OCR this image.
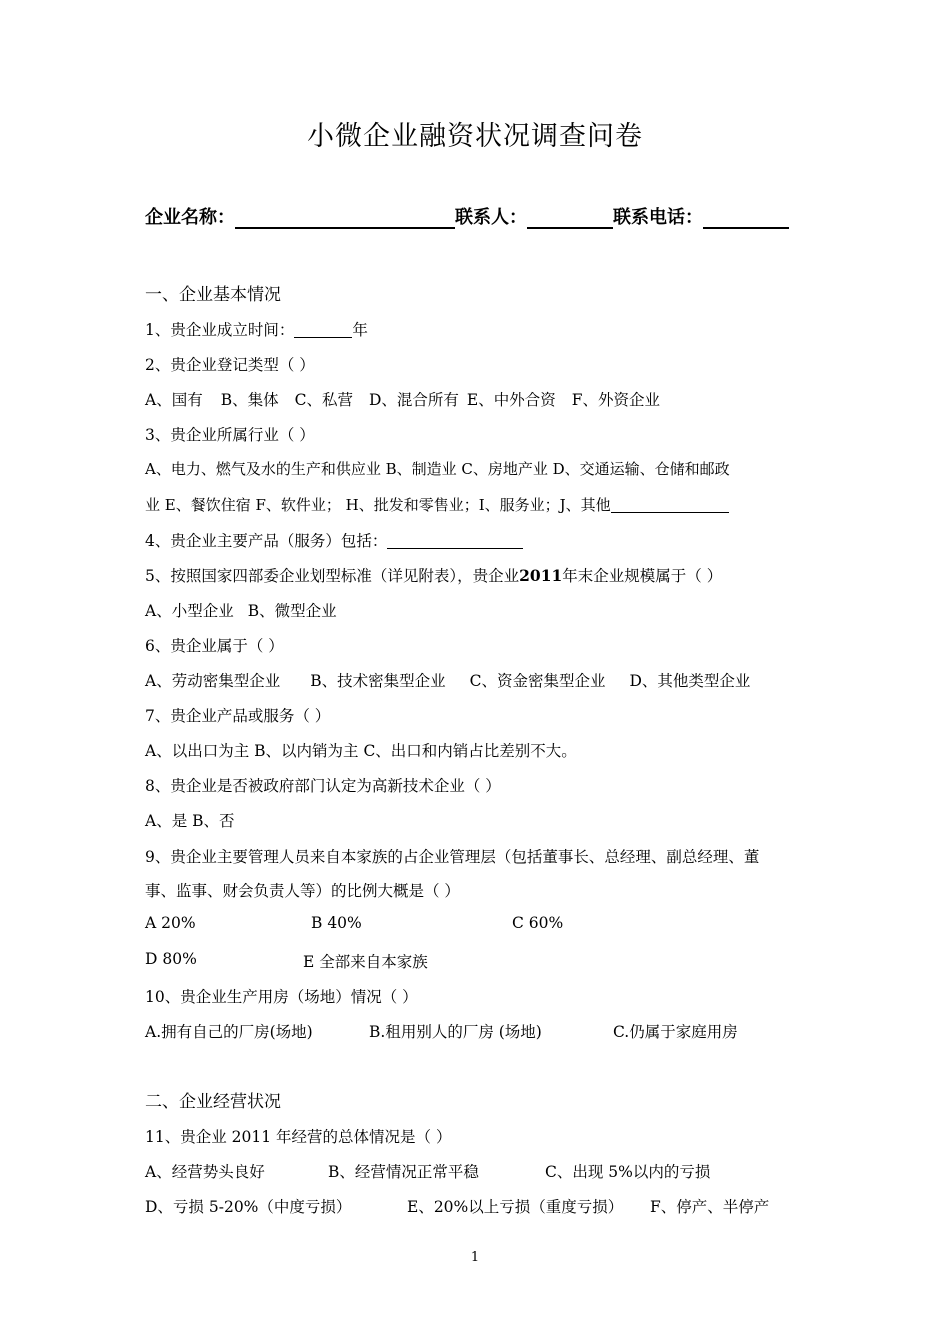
小微企业融资状况调查问卷
企业名称：	联系人：	联系电话：
一、企业基本情况
1、贵企业成立时间：	年
2、贵企业登记类型（ ）
A、国有 B、集体 C、私营 D、混合所有 E、中外合资 F、外资企业
3、贵企业所属行业（ ）
A、电力、燃气及水的生产和供应业 B、制造业 C、房地产业 D、交通运输、仓储和邮政
业 E、餐饮住宿 F、软件业； H、批发和零售业；I、服务业；J、其他
4、贵企业主要产品（服务）包括：
5、按照国家四部委企业划型标准（详见附表），贵企业2011年末企业规模属于（ ）
A、小型企业 B、微型企业
6、贵企业属于（ ）
A、劳动密集型企业 B、技术密集型企业 C、资金密集型企业 D、其他类型企业
7、贵企业产品或服务（ ）
A、以出口为主 B、以内销为主 C、出口和内销占比差别不大。
8、贵企业是否被政府部门认定为高新技术企业（ ）
A、是 B、否
9、贵企业主要管理人员来自本家族的占企业管理层（包括董事长、总经理、副总经理、董
事、监事、财会负责人等）的比例大概是（ ）
A 20%	B 40%	C 60%
D 80%	E 全部来自本家族
10、贵企业生产用房（场地）情况（ ）
A.拥有自己的厂房(场地)	B.租用别人的厂房 (场地)	C.仍属于家庭用房
二、企业经营状况
11、贵企业 2011 年经营的总体情况是（ ）
A、经营势头良好	B、经营情况正常平稳	C、出现 5%以内的亏损
D、亏损 5-20%（中度亏损）	E、20%以上亏损（重度亏损） F、停产、半停产
1
